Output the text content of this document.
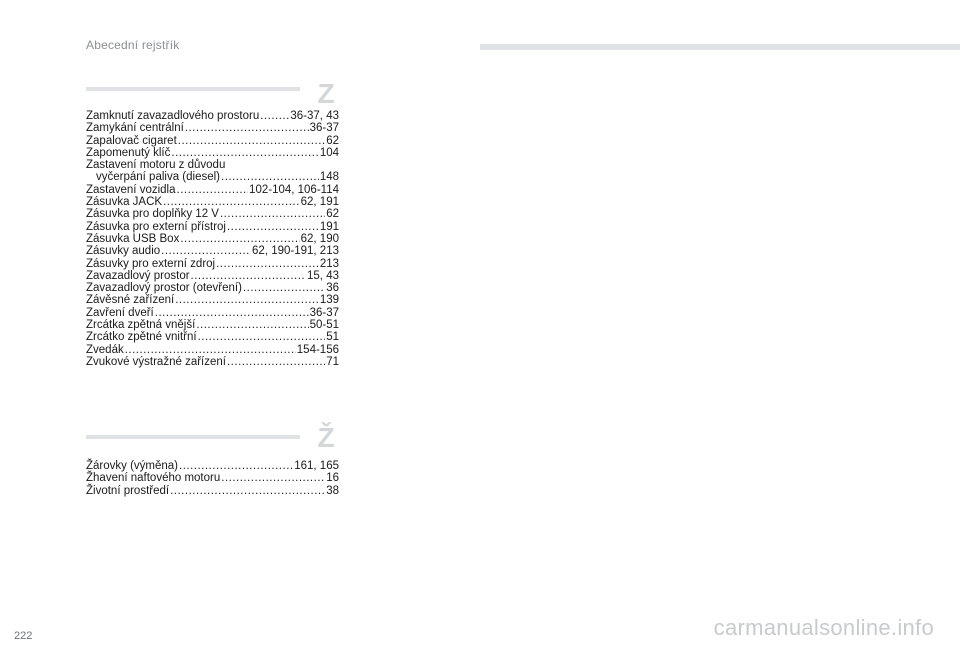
Abecední rejstřík
Z
Zamknutí zavazadlového prostoru .....	36-37, 43
Zamykání centrální .....	36-37
Zapalovač cigaret .....	62
Zapomenutý klíč .....	104
Zastavení motoru z důvodu
vyčerpání paliva (diesel) .....	148
Zastavení vozidla .....	102-104, 106-114
Zásuvka JACK .....	62, 191
Zásuvka pro doplňky 12 V .....	62
Zásuvka pro externí přístroj .....	191
Zásuvka USB Box .....	62, 190
Zásuvky audio .....	62, 190-191, 213
Zásuvky pro externí zdroj .....	213
Zavazadlový prostor .....	15, 43
Zavazadlový prostor (otevření) .....	36
Závěsné zařízení .....	139
Zavření dveří .....	36-37
Zrcátka zpětná vnější .....	50-51
Zrcátko zpětné vnitřní .....	51
Zvedák .....	154-156
Zvukové výstražné zařízení .....	71
Ž
Žárovky (výměna) .....	161, 165
Žhavení naftového motoru .....	16
Životní prostředí .....	38
222	carmanualsonline.info
